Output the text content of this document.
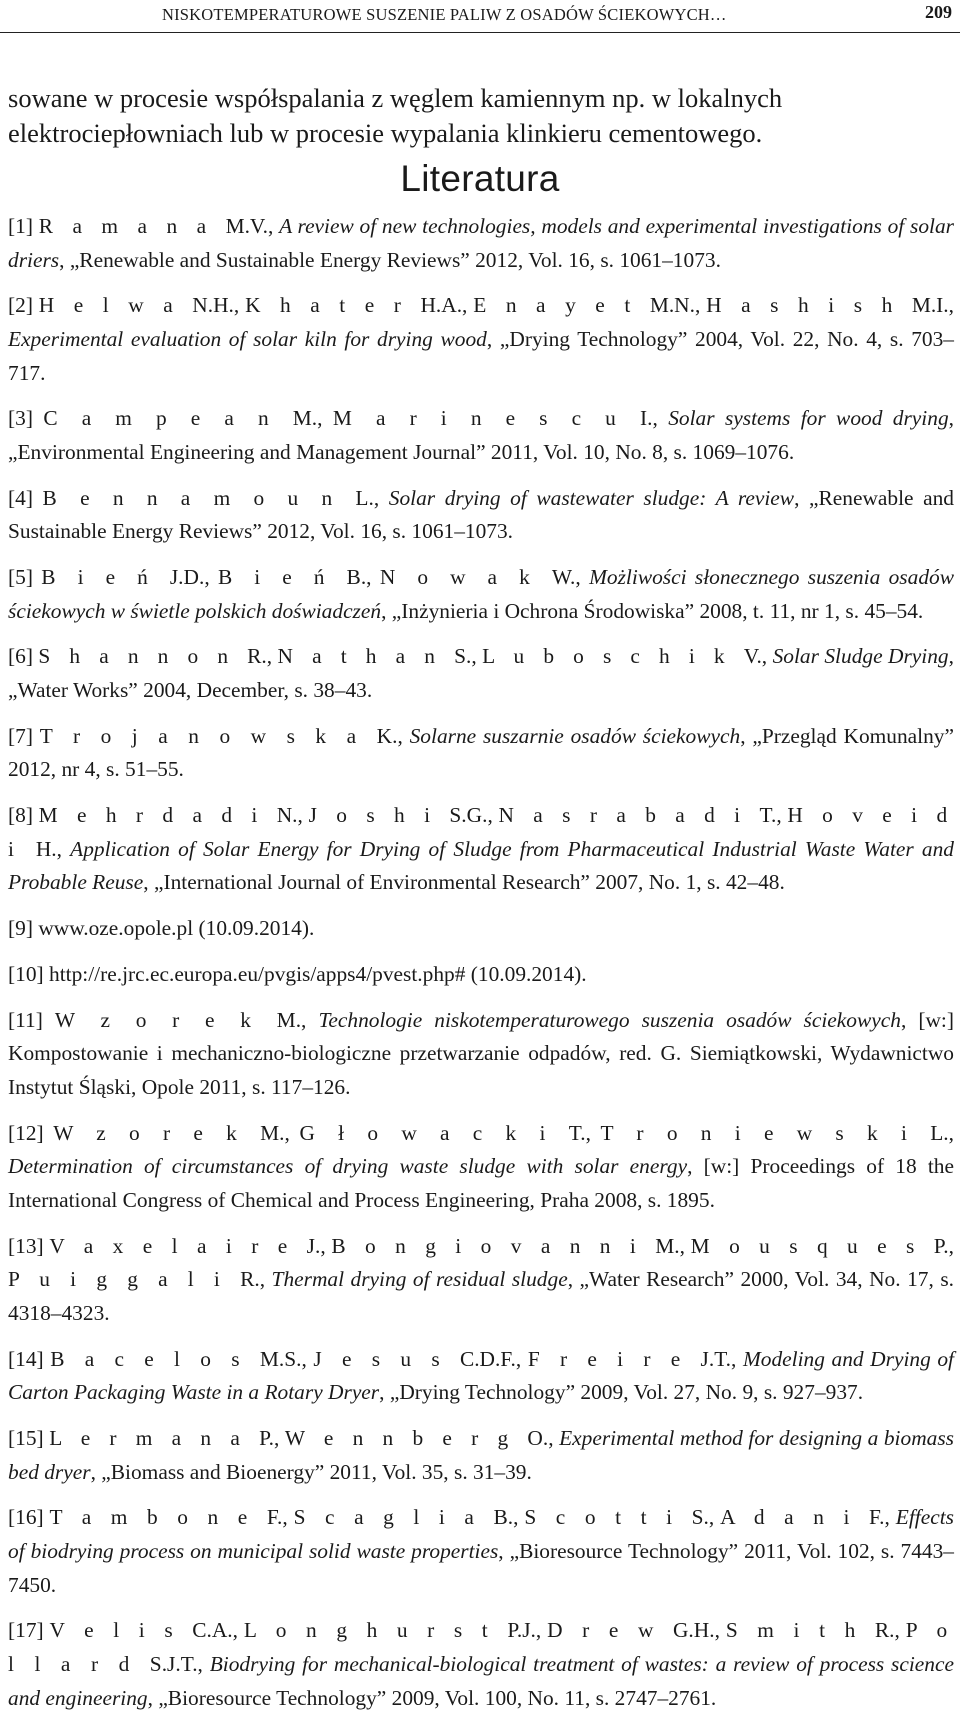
NISKOTEMPERATUROWE SUSZENIE PALIW Z OSADÓW ŚCIEKOWYCH…	209

sowane w procesie współspalania z węglem kamiennym np. w lokalnych elektrociepłowniach lub w procesie wypalania klinkieru cementowego.

Literatura
[1] R a m a n a M.V., A review of new technologies, models and experimental investigations of solar driers, „Renewable and Sustainable Energy Reviews” 2012, Vol. 16, s. 1061–1073.
[2] H e l w a N.H., K h a t e r H.A., E n a y e t M.N., H a s h i s h M.I., Experimental evaluation of solar kiln for drying wood, „Drying Technology” 2004, Vol. 22, No. 4, s. 703–717.
[3] C a m p e a n M., M a r i n e s c u I., Solar systems for wood drying, „Environmental Engineering and Management Journal” 2011, Vol. 10, No. 8, s. 1069–1076.
[4] B e n n a m o u n L., Solar drying of wastewater sludge: A review, „Renewable and Sustainable Energy Reviews” 2012, Vol. 16, s. 1061–1073.
[5] B i e ń J.D., B i e ń B., N o w a k W., Możliwości słonecznego suszenia osadów ściekowych w świetle polskich doświadczeń, „Inżynieria i Ochrona Środowiska” 2008, t. 11, nr 1, s. 45–54.
[6] S h a n n o n R., N a t h a n S., L u b o s c h i k V., Solar Sludge Drying, „Water Works” 2004, December, s. 38–43.
[7] T r o j a n o w s k a K., Solarne suszarnie osadów ściekowych, „Przegląd Komunalny” 2012, nr 4, s. 51–55.
[8] M e h r d a d i N., J o s h i S.G., N a s r a b a d i T., H o v e i d i H., Application of Solar Energy for Drying of Sludge from Pharmaceutical Industrial Waste Water and Probable Reuse, „International Journal of Environmental Research” 2007, No. 1, s. 42–48.
[9] www.oze.opole.pl (10.09.2014).
[10] http://re.jrc.ec.europa.eu/pvgis/apps4/pvest.php# (10.09.2014).
[11] W z o r e k M., Technologie niskotemperaturowego suszenia osadów ściekowych, [w:] Kompostowanie i mechaniczno-biologiczne przetwarzanie odpadów, red. G. Siemiątkowski, Wydawnictwo Instytut Śląski, Opole 2011, s. 117–126.
[12] W z o r e k M., G ł o w a c k i T., T r o n i e w s k i L., Determination of circumstances of drying waste sludge with solar energy, [w:] Proceedings of 18 the International Congress of Chemical and Process Engineering, Praha 2008, s. 1895.
[13] V a x e l a i r e J., B o n g i o v a n n i M., M o u s q u e s P., P u i g g a l i R., Thermal drying of residual sludge, „Water Research” 2000, Vol. 34, No. 17, s. 4318–4323.
[14] B a c e l o s M.S., J e s u s C.D.F., F r e i r e J.T., Modeling and Drying of Carton Packaging Waste in a Rotary Dryer, „Drying Technology” 2009, Vol. 27, No. 9, s. 927–937.
[15] L e r m a n a P., W e n n b e r g O., Experimental method for designing a biomass bed dryer, „Biomass and Bioenergy” 2011, Vol. 35, s. 31–39.
[16] T a m b o n e F., S c a g l i a B., S c o t t i S., A d a n i F., Effects of biodrying process on municipal solid waste properties, „Bioresource Technology” 2011, Vol. 102, s. 7443–7450.
[17] V e l i s C.A., L o n g h u r s t P.J., D r e w G.H., S m i t h R., P o l l a r d S.J.T., Biodrying for mechanical-biological treatment of wastes: a review of process science and engineering, „Bioresource Technology” 2009, Vol. 100, No. 11, s. 2747–2761.
